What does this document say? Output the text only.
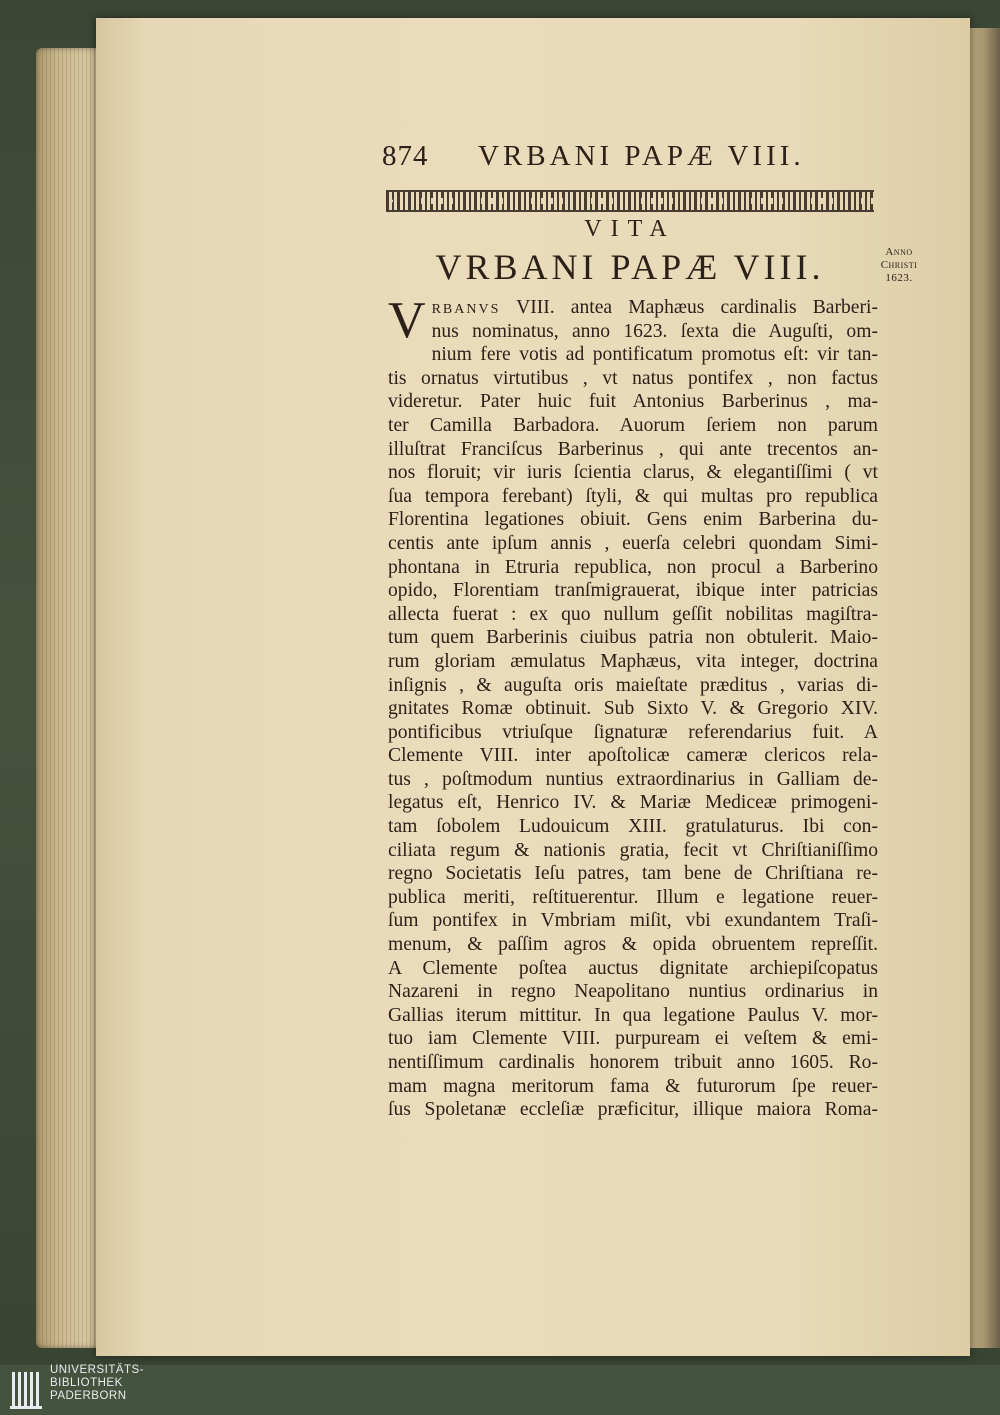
874 VRBANI PAPÆ VIII.
VITA
VRBANI PAPÆ VIII.	Anno
Christi
1623.
V rbanvs VIII. antea Maphæus cardinalis Barberi-
nus nominatus, anno 1623. ſexta die Auguſti, om-
nium fere votis ad pontificatum promotus eſt: vir tan-
tis ornatus virtutibus , vt natus pontifex , non factus
videretur. Pater huic fuit Antonius Barberinus , ma-
ter Camilla Barbadora. Auorum ſeriem non parum
illuſtrat Franciſcus Barberinus , qui ante trecentos an-
nos floruit; vir iuris ſcientia clarus, & elegantiſſimi ( vt
ſua tempora ferebant) ſtyli, & qui multas pro republica
Florentina legationes obiuit. Gens enim Barberina du-
centis ante ipſum annis , euerſa celebri quondam Simi-
phontana in Etruria republica, non procul a Barberino
opido, Florentiam tranſmigrauerat, ibique inter patricias
allecta fuerat : ex quo nullum geſſit nobilitas magiſtra-
tum quem Barberinis ciuibus patria non obtulerit. Maio-
rum gloriam æmulatus Maphæus, vita integer, doctrina
inſignis , & auguſta oris maieſtate præditus , varias di-
gnitates Romæ obtinuit. Sub Sixto V. & Gregorio XIV.
pontificibus vtriuſque ſignaturæ referendarius fuit. A
Clemente VIII. inter apoſtolicæ cameræ clericos rela-
tus , poſtmodum nuntius extraordinarius in Galliam de-
legatus eſt, Henrico IV. & Mariæ Mediceæ primogeni-
tam ſobolem Ludouicum XIII. gratulaturus. Ibi con-
ciliata regum & nationis gratia, fecit vt Chriſtianiſſimo
regno Societatis Ieſu patres, tam bene de Chriſtiana re-
publica meriti, reſtituerentur. Illum e legatione reuer-
ſum pontifex in Vmbriam miſit, vbi exundantem Traſi-
menum, & paſſim agros & opida obruentem repreſſit.
A Clemente poſtea auctus dignitate archiepiſcopatus
Nazareni in regno Neapolitano nuntius ordinarius in
Gallias iterum mittitur. In qua legatione Paulus V. mor-
tuo iam Clemente VIII. purpuream ei veſtem & emi-
nentiſſimum cardinalis honorem tribuit anno 1605. Ro-
mam magna meritorum fama & futurorum ſpe reuer-
ſus Spoletanæ eccleſiæ præficitur, illique maiora Roma-
UNIVERSITÄTS-
BIBLIOTHEK
PADERBORN
